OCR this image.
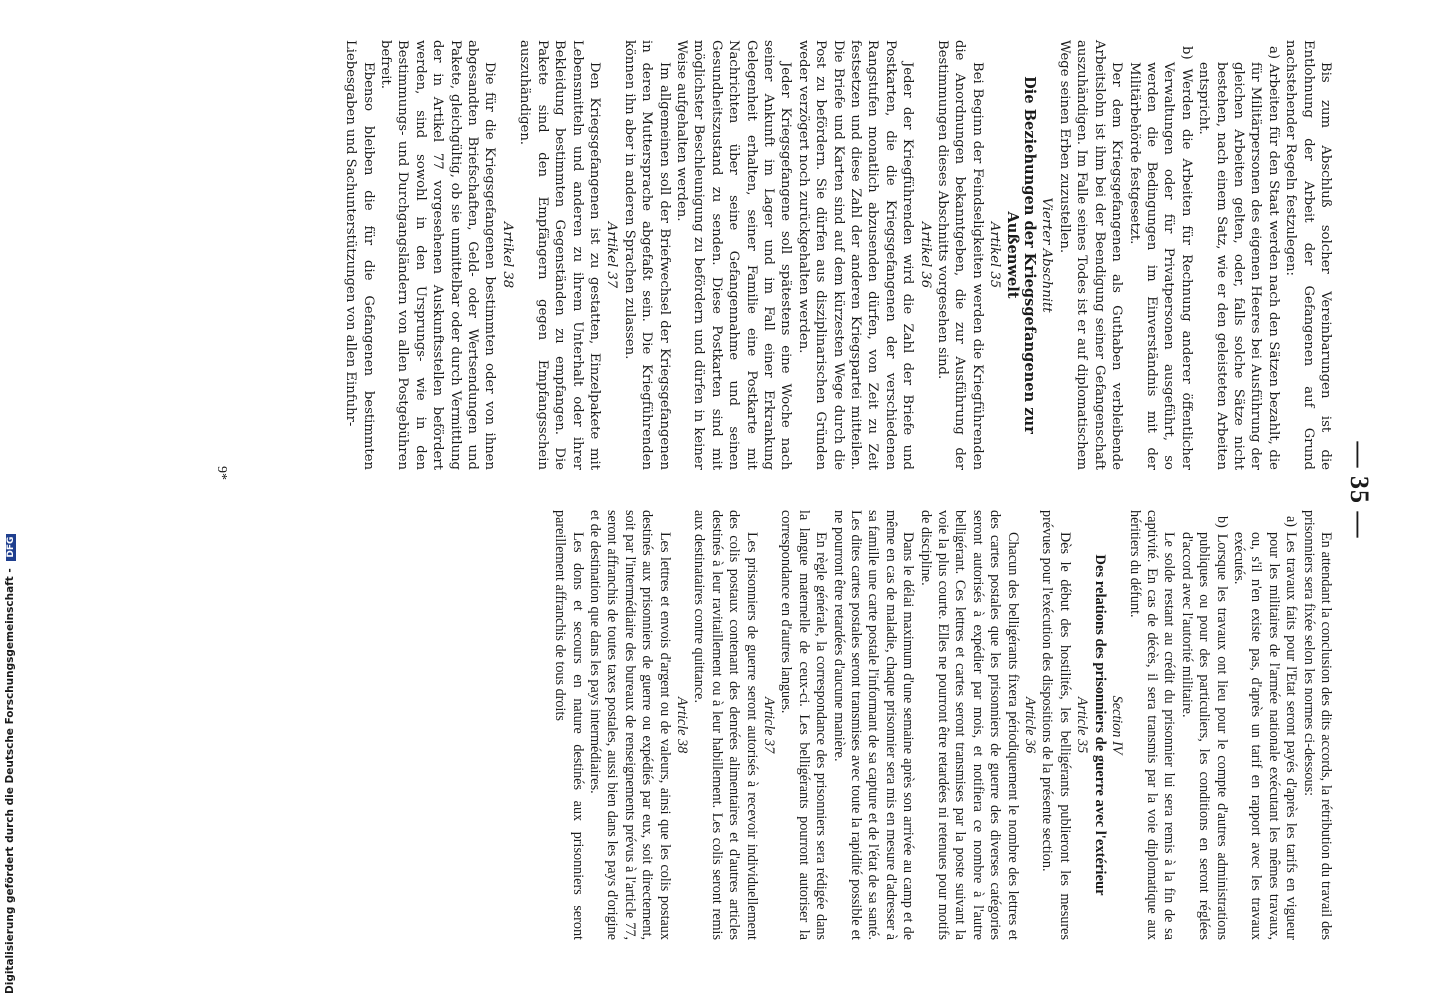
— 35 —

Bis zum Abschluß solcher Vereinbarungen ist die Entlohnung der Arbeit der Gefangenen auf Grund nachstehender Regeln festzulegen:

a) Arbeiten für den Staat werden nach den Sätzen bezahlt, die für Militärpersonen des eigenen Heeres bei Ausführung der gleichen Arbeiten gelten, oder, falls solche Sätze nicht bestehen, nach einem Satz, wie er den geleisteten Arbeiten entspricht.

b) Werden die Arbeiten für Rechnung anderer öffentlicher Verwaltungen oder für Privatpersonen ausgeführt, so werden die Bedingungen im Einverständnis mit der Militärbehörde festgesetzt.

Der dem Kriegsgefangenen als Guthaben verbleibende Arbeitslohn ist ihm bei der Beendigung seiner Gefangenschaft auszuhändigen. Im Falle seines Todes ist er auf diplomatischem Wege seinen Erben zuzustellen.

Vierter Abschnitt

Die Beziehungen der Kriegsgefangenen zur Außenwelt

Artikel 35

Bei Beginn der Feindseligkeiten werden die Kriegführenden die Anordnungen bekanntgeben, die zur Ausführung der Bestimmungen dieses Abschnitts vorgesehen sind.

Artikel 36

Jeder der Kriegführenden wird die Zahl der Briefe und Postkarten, die die Kriegsgefangenen der verschiedenen Rangstufen monatlich abzusenden dürfen, von Zeit zu Zeit festsetzen und diese Zahl der anderen Kriegspartei mitteilen. Die Briefe und Karten sind auf dem kürzesten Wege durch die Post zu befördern. Sie dürfen aus disziplinarischen Gründen weder verzögert noch zurückgehalten werden.

Jeder Kriegsgefangene soll spätestens eine Woche nach seiner Ankunft im Lager und im Fall einer Erkrankung Gelegenheit erhalten, seiner Familie eine Postkarte mit Nachrichten über seine Gefangennahme und seinen Gesundheitszustand zu senden. Diese Postkarten sind mit möglichster Beschleunigung zu befördern und dürfen in keiner Weise aufgehalten werden.

Im allgemeinen soll der Briefwechsel der Kriegsgefangenen in deren Muttersprache abgefaßt sein. Die Kriegführenden können ihn aber in anderen Sprachen zulassen.

Artikel 37

Den Kriegsgefangenen ist zu gestatten, Einzelpakete mit Lebensmitteln und anderen zu ihrem Unterhalt oder ihrer Bekleidung bestimmten Gegenständen zu empfangen. Die Pakete sind den Empfängern gegen Empfangsschein auszuhändigen.

Artikel 38

Die für die Kriegsgefangenen bestimmten oder von ihnen abgesandten Briefschaften, Geld- oder Wertsendungen und Pakete, gleichgültig, ob sie unmittelbar oder durch Vermittlung der in Artikel 77 vorgesehenen Auskunftsstellen befördert werden, sind sowohl in den Ursprungs- wie in den Bestimmungs- und Durchgangsländern von allen Postgebühren befreit.

Ebenso bleiben die für die Gefangenen bestimmten Liebesgaben und Sachunterstützungen von allen Einfuhr-

En attendant la conclusion des dits accords, la rétribution du travail des prisonniers sera fixée selon les normes ci-dessous:

a) Les travaux faits pour l'Etat seront payés d'après les tarifs en vigueur pour les militaires de l'armée nationale exécutant les mêmes travaux, ou, s'il n'en existe pas, d'après un tarif en rapport avec les travaux exécutés.

b) Lorsque les travaux ont lieu pour le compte d'autres administrations publiques ou pour des particuliers, les conditions en seront réglées d'accord avec l'autorité militaire.

Le solde restant au crédit du prisonnier lui sera remis à la fin de sa captivité. En cas de décès, il sera transmis par la voie diplomatique aux héritiers du défunt.

Section IV

Des relations des prisonniers de guerre avec l'extérieur

Article 35

Dès le début des hostilités, les belligérants publieront les mesures prévues pour l'exécution des dispositions de la présente section.

Article 36

Chacun des belligérants fixera périodiquement le nombre des lettres et des cartes postales que les prisonniers de guerre des diverses catégories seront autorisés à expédier par mois, et notifiera ce nombre à l'autre belligérant. Ces lettres et cartes seront transmises par la poste suivant la voie la plus courte. Elles ne pourront être retardées ni retenues pour motifs de discipline.

Dans le délai maximum d'une semaine après son arrivée au camp et de même en cas de maladie, chaque prisonnier sera mis en mesure d'adresser à sa famille une carte postale l'informant de sa capture et de l'état de sa santé. Les dites cartes postales seront transmises avec toute la rapidité possible et ne pourront être retardées d'aucune manière.

En règle générale, la correspondance des prisonniers sera rédigée dans la langue maternelle de ceux-ci. Les belligérants pourront autoriser la correspondance en d'autres langues.

Article 37

Les prisonniers de guerre seront autorisés à recevoir individuellement des colis postaux contenant des denrées alimentaires et d'autres articles destinés à leur ravitaillement ou à leur habillement. Les colis seront remis aux destinataires contre quittance.

Article 38

Les lettres et envois d'argent ou de valeurs, ainsi que les colis postaux destinés aux prisonniers de guerre ou expédiés par eux, soit directement, soit par l'intermédiaire des bureaux de renseignements prévus à l'article 77, seront affranchis de toutes taxes postales, aussi bien dans les pays d'origine et de destination que dans les pays intermédiaires.

Les dons et secours en nature destinés aux prisonniers seront pareillement affranchis de tous droits

9*
Digitalisierung gefördert durch die Deutsche Forschungsgemeinschaft - DFG
